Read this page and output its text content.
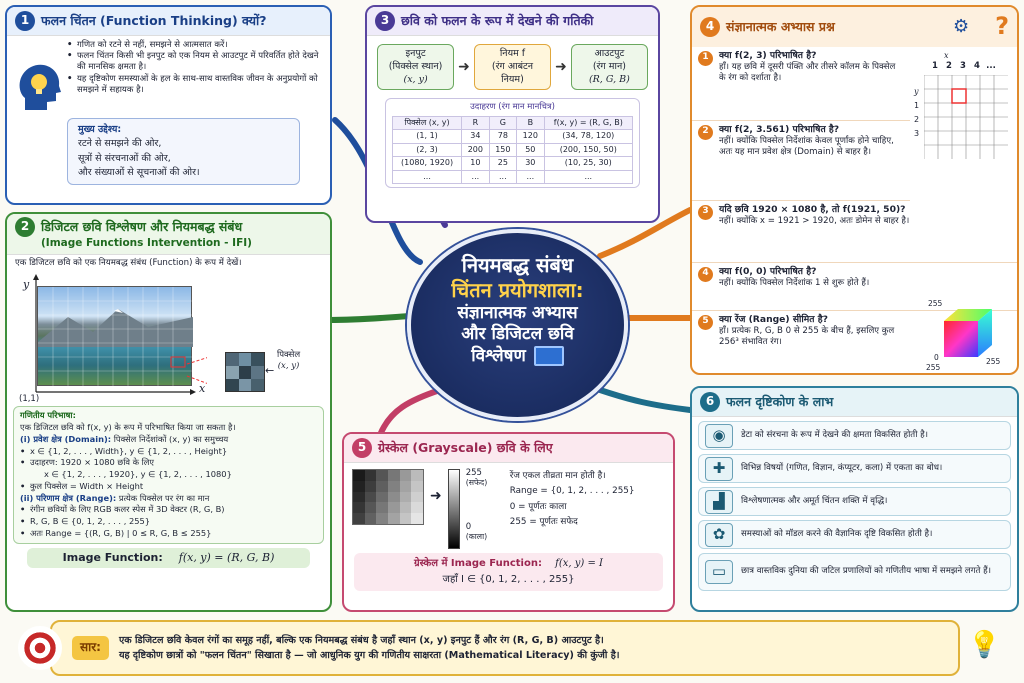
1 फलन चिंतन (Function Thinking) क्यों?
• गणित को रटने से नहीं, समझने से आत्मसात करें।
• फलन चिंतन किसी भी इनपुट को एक नियम से आउटपुट में परिवर्तित होते देखने की मानसिक क्षमता है।
• यह दृष्टिकोण समस्याओं के हल के साथ-साथ वास्तविक जीवन के अनुप्रयोगों को समझने में सहायक है।
मुख्य उद्देश्य:
रटने से समझने की ओर,
सूत्रों से संरचनाओं की ओर,
और संख्याओं से सूचनाओं की ओर।
2 डिजिटल छवि विश्लेषण और नियमबद्ध संबंध
(Image Functions Intervention - IFI)
एक डिजिटल छवि को एक नियमबद्ध संबंध (Function) के रूप में देखें।
y
(1,1)
x
पिक्सेल
(x, y)
←
गणितीय परिभाषा:
एक डिजिटल छवि को f(x, y) के रूप में परिभाषित किया जा सकता है।
(i) प्रवेश क्षेत्र (Domain): पिक्सेल निर्देशांकों (x, y) का समुच्चय
• x ∈ {1, 2, . . . , Width}, y ∈ {1, 2, . . . , Height}
• उदाहरण: 1920 × 1080 छवि के लिए
x ∈ {1, 2, . . . , 1920}, y ∈ {1, 2, . . . , 1080}
• कुल पिक्सेल = Width × Height
(ii) परिणाम क्षेत्र (Range): प्रत्येक पिक्सेल पर रंग का मान
• रंगीन छवियों के लिए RGB कलर स्पेस में 3D वेक्टर (R, G, B)
• R, G, B ∈ {0, 1, 2, . . . , 255}
• अतः Range = {(R, G, B) | 0 ≤ R, G, B ≤ 255}
Image Function: f(x, y) = (R, G, B)
3 छवि को फलन के रूप में देखने की गतिकी
इनपुट
(पिक्सेल स्थान)
(x, y)
➜
नियम f
(रंग आबंटन
नियम)
➜
आउटपुट
(रंग मान)
(R, G, B)
उदाहरण (रंग मान मानचित्र)
पिक्सेल (x, y)	R	G	B	f(x, y) = (R, G, B)
(1, 1)	34	78	120	(34, 78, 120)
(2, 3)	200	150	50	(200, 150, 50)
(1080, 1920)	10	25	30	(10, 25, 30)
...	...	...	...	...
नियमबद्ध संबंध
चिंतन प्रयोगशाला:
संज्ञानात्मक अभ्यास
और डिजिटल छवि
विश्लेषण
4 संज्ञानात्मक अभ्यास प्रश्न	⚙ ?
1 2 3 4 ...
x
y
1
2
3
1	क्या f(2, 3) परिभाषित है?
हाँ। यह छवि में दूसरी पंक्ति और तीसरे कॉलम के पिक्सेल के रंग को दर्शाता है।
2	क्या f(2, 3.561) परिभाषित है?
नहीं। क्योंकि पिक्सेल निर्देशांक केवल पूर्णांक होने चाहिए, अतः यह मान प्रवेश क्षेत्र (Domain) से बाहर है।
3	यदि छवि 1920 × 1080 है, तो f(1921, 50)?
नहीं। क्योंकि x = 1921 > 1920, अतः डोमेन से बाहर है।
4	क्या f(0, 0) परिभाषित है?
नहीं। क्योंकि पिक्सेल निर्देशांक 1 से शुरू होते हैं।
5	क्या रेंज (Range) सीमित है?
हाँ। प्रत्येक R, G, B 0 से 255 के बीच हैं, इसलिए कुल 256³ संभावित रंग।
255
0
255
255
5 ग्रेस्केल (Grayscale) छवि के लिए
➜
255
(सफेद)
0
(काला)
रेंज एकल तीव्रता मान होती है।
Range = {0, 1, 2, . . . , 255}
0 = पूर्णतः काला
255 = पूर्णतः सफेद
ग्रेस्केल में Image Function: f(x, y) = I
जहाँ I ∈ {0, 1, 2, . . . , 255}
6 फलन दृष्टिकोण के लाभ
◉	डेटा को संरचना के रूप में देखने की क्षमता विकसित होती है।
✚	विभिन्न विषयों (गणित, विज्ञान, कंप्यूटर, कला) में एकता का बोध।
▟	विश्लेषणात्मक और अमूर्त चिंतन शक्ति में वृद्धि।
✿	समस्याओं को मॉडल करने की वैज्ञानिक दृष्टि विकसित होती है।
▭	छात्र वास्तविक दुनिया की जटिल प्रणालियों को गणितीय भाषा में समझने लगते हैं।
सार:	एक डिजिटल छवि केवल रंगों का समूह नहीं, बल्कि एक नियमबद्ध संबंध है जहाँ स्थान (x, y) इनपुट हैं और रंग (R, G, B) आउटपुट है।
यह दृष्टिकोण छात्रों को "फलन चिंतन" सिखाता है — जो आधुनिक युग की गणितीय साक्षरता (Mathematical Literacy) की कुंजी है।	💡
